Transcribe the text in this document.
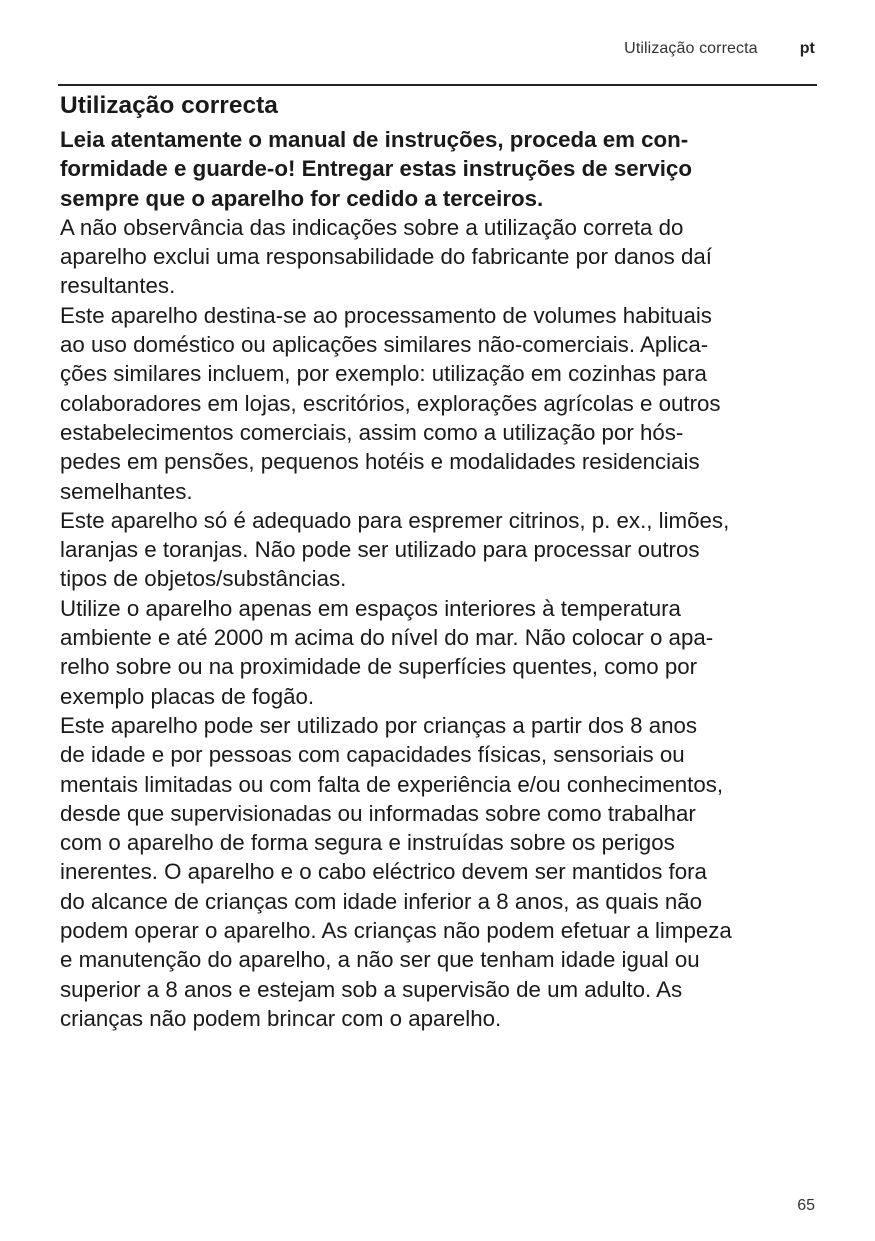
Utilização correcta	pt
Utilização correcta

Leia atentamente o manual de instruções, proceda em con-
formidade e guarde-o! Entregar estas instruções de serviço
sempre que o aparelho for cedido a terceiros.

A não observância das indicações sobre a utilização correta do
aparelho exclui uma responsabilidade do fabricante por danos daí
resultantes.

Este aparelho destina-se ao processamento de volumes habituais
ao uso doméstico ou aplicações similares não-comerciais. Aplica-
ções similares incluem, por exemplo: utilização em cozinhas para
colaboradores em lojas, escritórios, explorações agrícolas e outros
estabelecimentos comerciais, assim como a utilização por hós-
pedes em pensões, pequenos hotéis e modalidades residenciais
semelhantes.

Este aparelho só é adequado para espremer citrinos, p. ex., limões,
laranjas e toranjas. Não pode ser utilizado para processar outros
tipos de objetos/substâncias.

Utilize o aparelho apenas em espaços interiores à temperatura
ambiente e até 2000 m acima do nível do mar. Não colocar o apa-
relho sobre ou na proximidade de superfícies quentes, como por
exemplo placas de fogão.

Este aparelho pode ser utilizado por crianças a partir dos 8 anos
de idade e por pessoas com capacidades físicas, sensoriais ou
mentais limitadas ou com falta de experiência e/ou conhecimentos,
desde que supervisionadas ou informadas sobre como trabalhar
com o aparelho de forma segura e instruídas sobre os perigos
inerentes. O aparelho e o cabo eléctrico devem ser mantidos fora
do alcance de crianças com idade inferior a 8 anos, as quais não
podem operar o aparelho. As crianças não podem efetuar a limpeza
e manutenção do aparelho, a não ser que tenham idade igual ou
superior a 8 anos e estejam sob a supervisão de um adulto. As
crianças não podem brincar com o aparelho.

65
